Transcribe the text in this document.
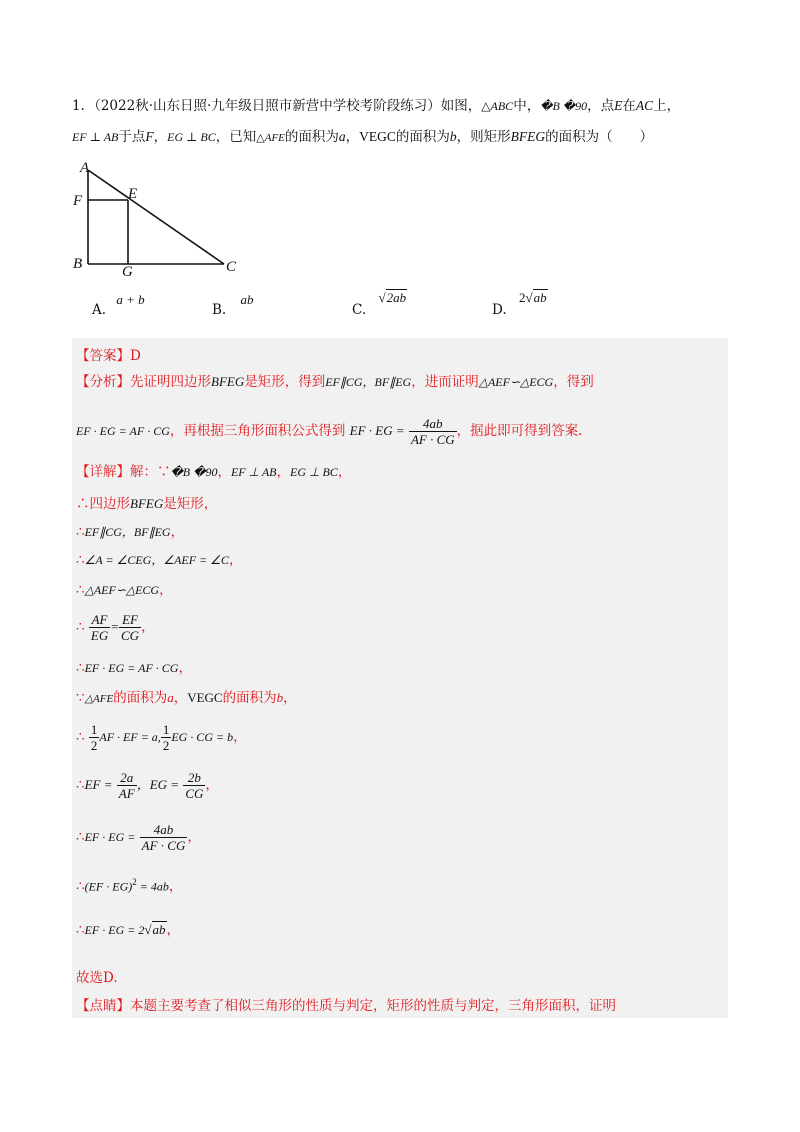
1．（2022秋·山东日照·九年级日照市新营中学校考阶段练习）如图，△ABC中，�B �90，点E在AC上，
EF ⊥ AB于点F，EG ⊥ BC，已知△AFE的面积为a，VEGC的面积为b，则矩形BFEG的面积为（　　）
A
F	E
B	G	C
A. a + b
B. ab
C. √2ab
D. 2√ab
【答案】D
【分析】先证明四边形BFEG是矩形，得到EF∥CG，BF∥EG，进而证明△AEF∽△ECG，得到
EF · EG = AF · CG，再根据三角形面积公式得到 EF · EG = $\frac{4ab}{AF \cdot CG}$ ，据此即可得到答案.
【详解】解：∵�B �90，EF ⊥ AB，EG ⊥ BC，
∴四边形BFEG是矩形，
∴EF∥CG，BF∥EG，
∴∠A = ∠CEG，∠AEF = ∠C，
∴△AEF∽△ECG，
∴ $\frac{AF}{EG} = \frac{EF}{CG}$ ，
∴EF · EG = AF · CG，
∵△AFE的面积为a，VEGC的面积为b，
∴ $\frac{1}{2}$ AF · EF = a, $\frac{1}{2}$ EG · CG = b，
∴EF = $\frac{2a}{AF}$ ，EG = $\frac{2b}{CG}$ ，
∴EF · EG = $\frac{4ab}{AF \cdot CG}$ ，
∴(EF · EG)$^2$ = 4ab，
∴EF · EG = 2√ab，
故选D.
【点睛】本题主要考查了相似三角形的性质与判定，矩形的性质与判定，三角形面积，证明
